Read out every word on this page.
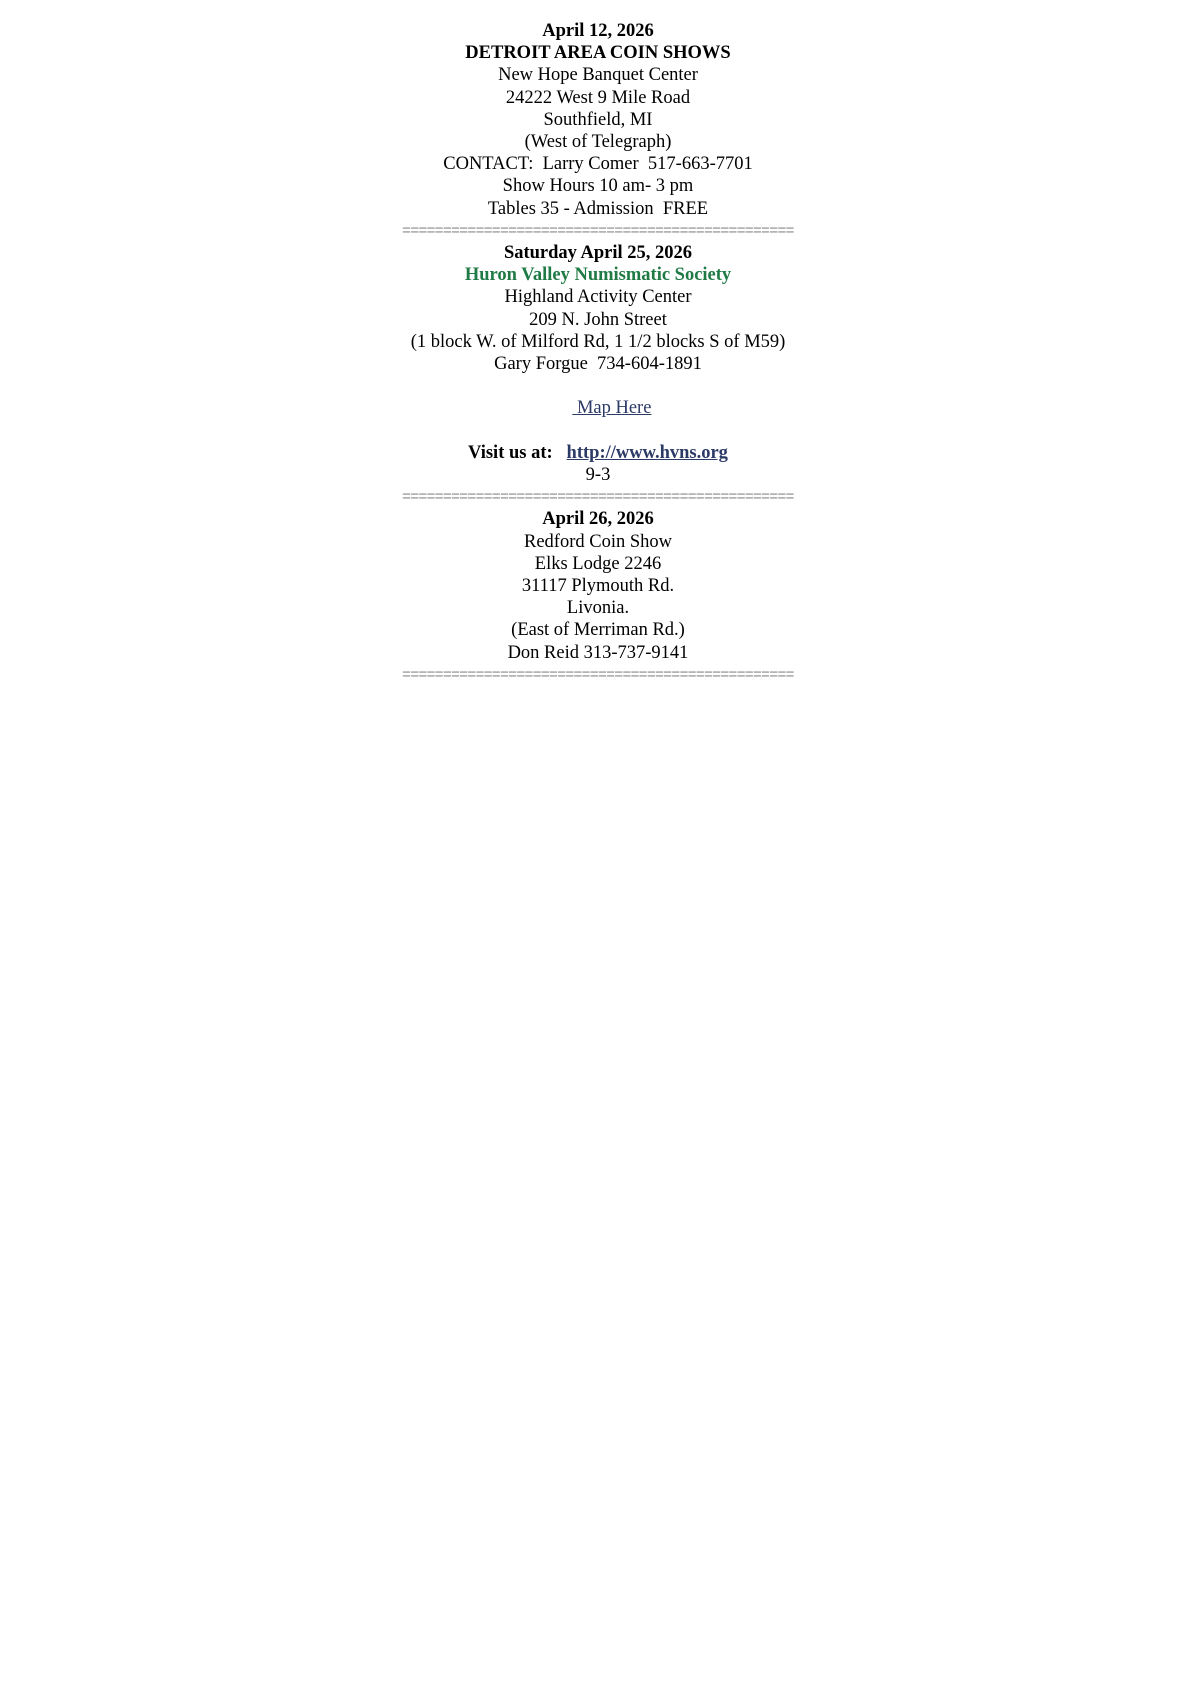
April 12, 2026
DETROIT AREA COIN SHOWS
New Hope Banquet Center
24222 West 9 Mile Road
Southfield, MI
(West of Telegraph)
CONTACT:  Larry Comer  517-663-7701
Show Hours 10 am- 3 pm
Tables 35 - Admission  FREE
================================================
Saturday April 25, 2026
Huron Valley Numismatic Society
Highland Activity Center
209 N. John Street
(1 block W. of Milford Rd, 1 1/2 blocks S of M59)
Gary Forgue  734-604-1891

Map Here

Visit us at: http://www.hvns.org
9-3
================================================
April 26, 2026
Redford Coin Show
Elks Lodge 2246
31117 Plymouth Rd.
Livonia.
(East of Merriman Rd.)
Don Reid 313-737-9141
================================================
